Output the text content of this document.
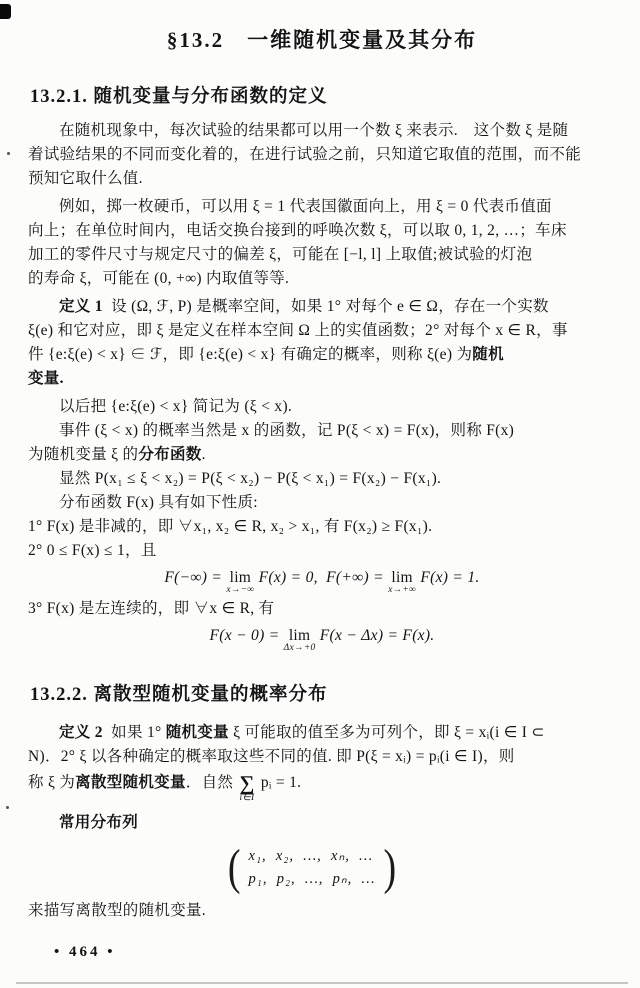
§13.2　一维随机变量及其分布
13.2.1. 随机变量与分布函数的定义
在随机现象中，每次试验的结果都可以用一个数 ξ 来表示.　这个数 ξ 是随
着试验结果的不同而变化着的，在进行试验之前，只知道它取值的范围，而不能
预知它取什么值.
例如，掷一枚硬币，可以用 ξ = 1 代表国徽面向上，用 ξ = 0 代表币值面
向上；在单位时间内，电话交换台接到的呼唤次数 ξ，可以取 0, 1, 2, …；车床
加工的零件尺寸与规定尺寸的偏差 ξ，可能在 [−l, l] 上取值;被试验的灯泡
的寿命 ξ，可能在 (0, +∞) 内取值等等.
定义 1  设 (Ω, ℱ, P) 是概率空间，如果 1° 对每个 e ∈ Ω，存在一个实数
ξ(e) 和它对应，即 ξ 是定义在样本空间 Ω 上的实值函数；2° 对每个 x ∈ R，事
件 {e:ξ(e) < x} ∈ ℱ，即 {e:ξ(e) < x} 有确定的概率，则称 ξ(e) 为随机
变量.
以后把 {e:ξ(e) < x} 简记为 (ξ < x).
事件 (ξ < x) 的概率当然是 x 的函数，记 P(ξ < x) = F(x)，则称 F(x)
为随机变量 ξ 的分布函数.
显然 P(x₁ ≤ ξ < x₂) = P(ξ < x₂) − P(ξ < x₁) = F(x₂) − F(x₁).
分布函数 F(x) 具有如下性质:
1° F(x) 是非减的，即 ∀x₁, x₂ ∈ R, x₂ > x₁, 有 F(x₂) ≥ F(x₁).
2° 0 ≤ F(x) ≤ 1，且
F(−∞) = lim
x→−∞
F(x) = 0,  F(+∞) = lim
x→+∞
F(x) = 1.
3° F(x) 是左连续的，即 ∀x ∈ R, 有
F(x − 0) = lim
Δx→+0
F(x − Δx) = F(x).
13.2.2. 离散型随机变量的概率分布
定义 2  如果 1° 随机变量 ξ 可能取的值至多为可列个，即 ξ = xᵢ(i ∈ I ⊂
N)．2° ξ 以各种确定的概率取这些不同的值. 即 P(ξ = xᵢ) = pᵢ(i ∈ I)，则
称 ξ 为离散型随机变量．自然 ∑
i∈I
pᵢ = 1.
常用分布列
( x₁,  x₂,  …,  xₙ,  …
p₁,  p₂,  …,  pₙ,  … )
来描写离散型的随机变量.
• 464 •
